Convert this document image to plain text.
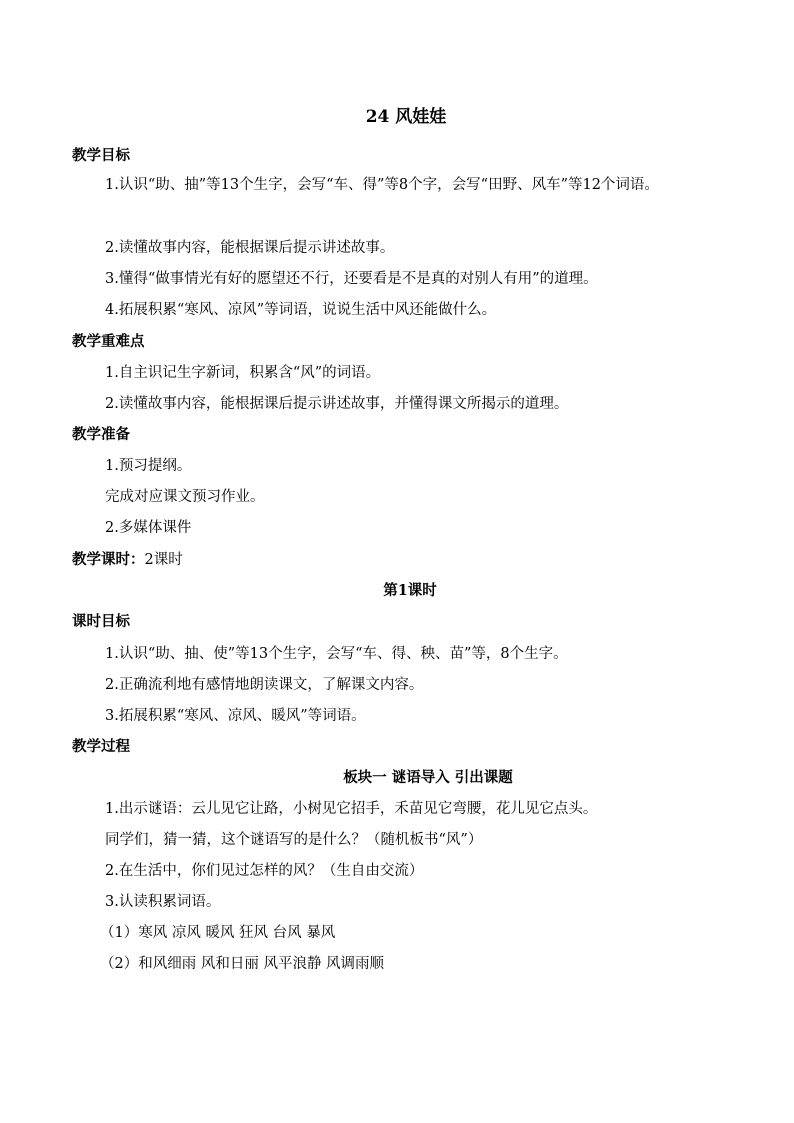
24 风娃娃
教学目标
1.认识“助、抽”等13个生字，会写“车、得”等8个字，会写“田野、风车”等12个词语。
2.读懂故事内容，能根据课后提示讲述故事。
3.懂得“做事情光有好的愿望还不行，还要看是不是真的对别人有用”的道理。
4.拓展积累“寒风、凉风”等词语，说说生活中风还能做什么。
教学重难点
1.自主识记生字新词，积累含“风”的词语。
2.读懂故事内容，能根据课后提示讲述故事，并懂得课文所揭示的道理。
教学准备
1.预习提纲。
完成对应课文预习作业。
2.多媒体课件
教学课时：2课时
第1课时
课时目标
1.认识“助、抽、使”等13个生字，会写“车、得、秧、苗”等，8个生字。
2.正确流利地有感情地朗读课文，了解课文内容。
3.拓展积累“寒风、凉风、暖风”等词语。
教学过程
板块一 谜语导入 引出课题
1.出示谜语：云儿见它让路，小树见它招手，禾苗见它弯腰，花儿见它点头。
同学们，猜一猜，这个谜语写的是什么？（随机板书“风”）
2.在生活中，你们见过怎样的风？（生自由交流）
3.认读积累词语。
（1）寒风 凉风 暖风 狂风 台风 暴风
（2）和风细雨 风和日丽 风平浪静 风调雨顺
